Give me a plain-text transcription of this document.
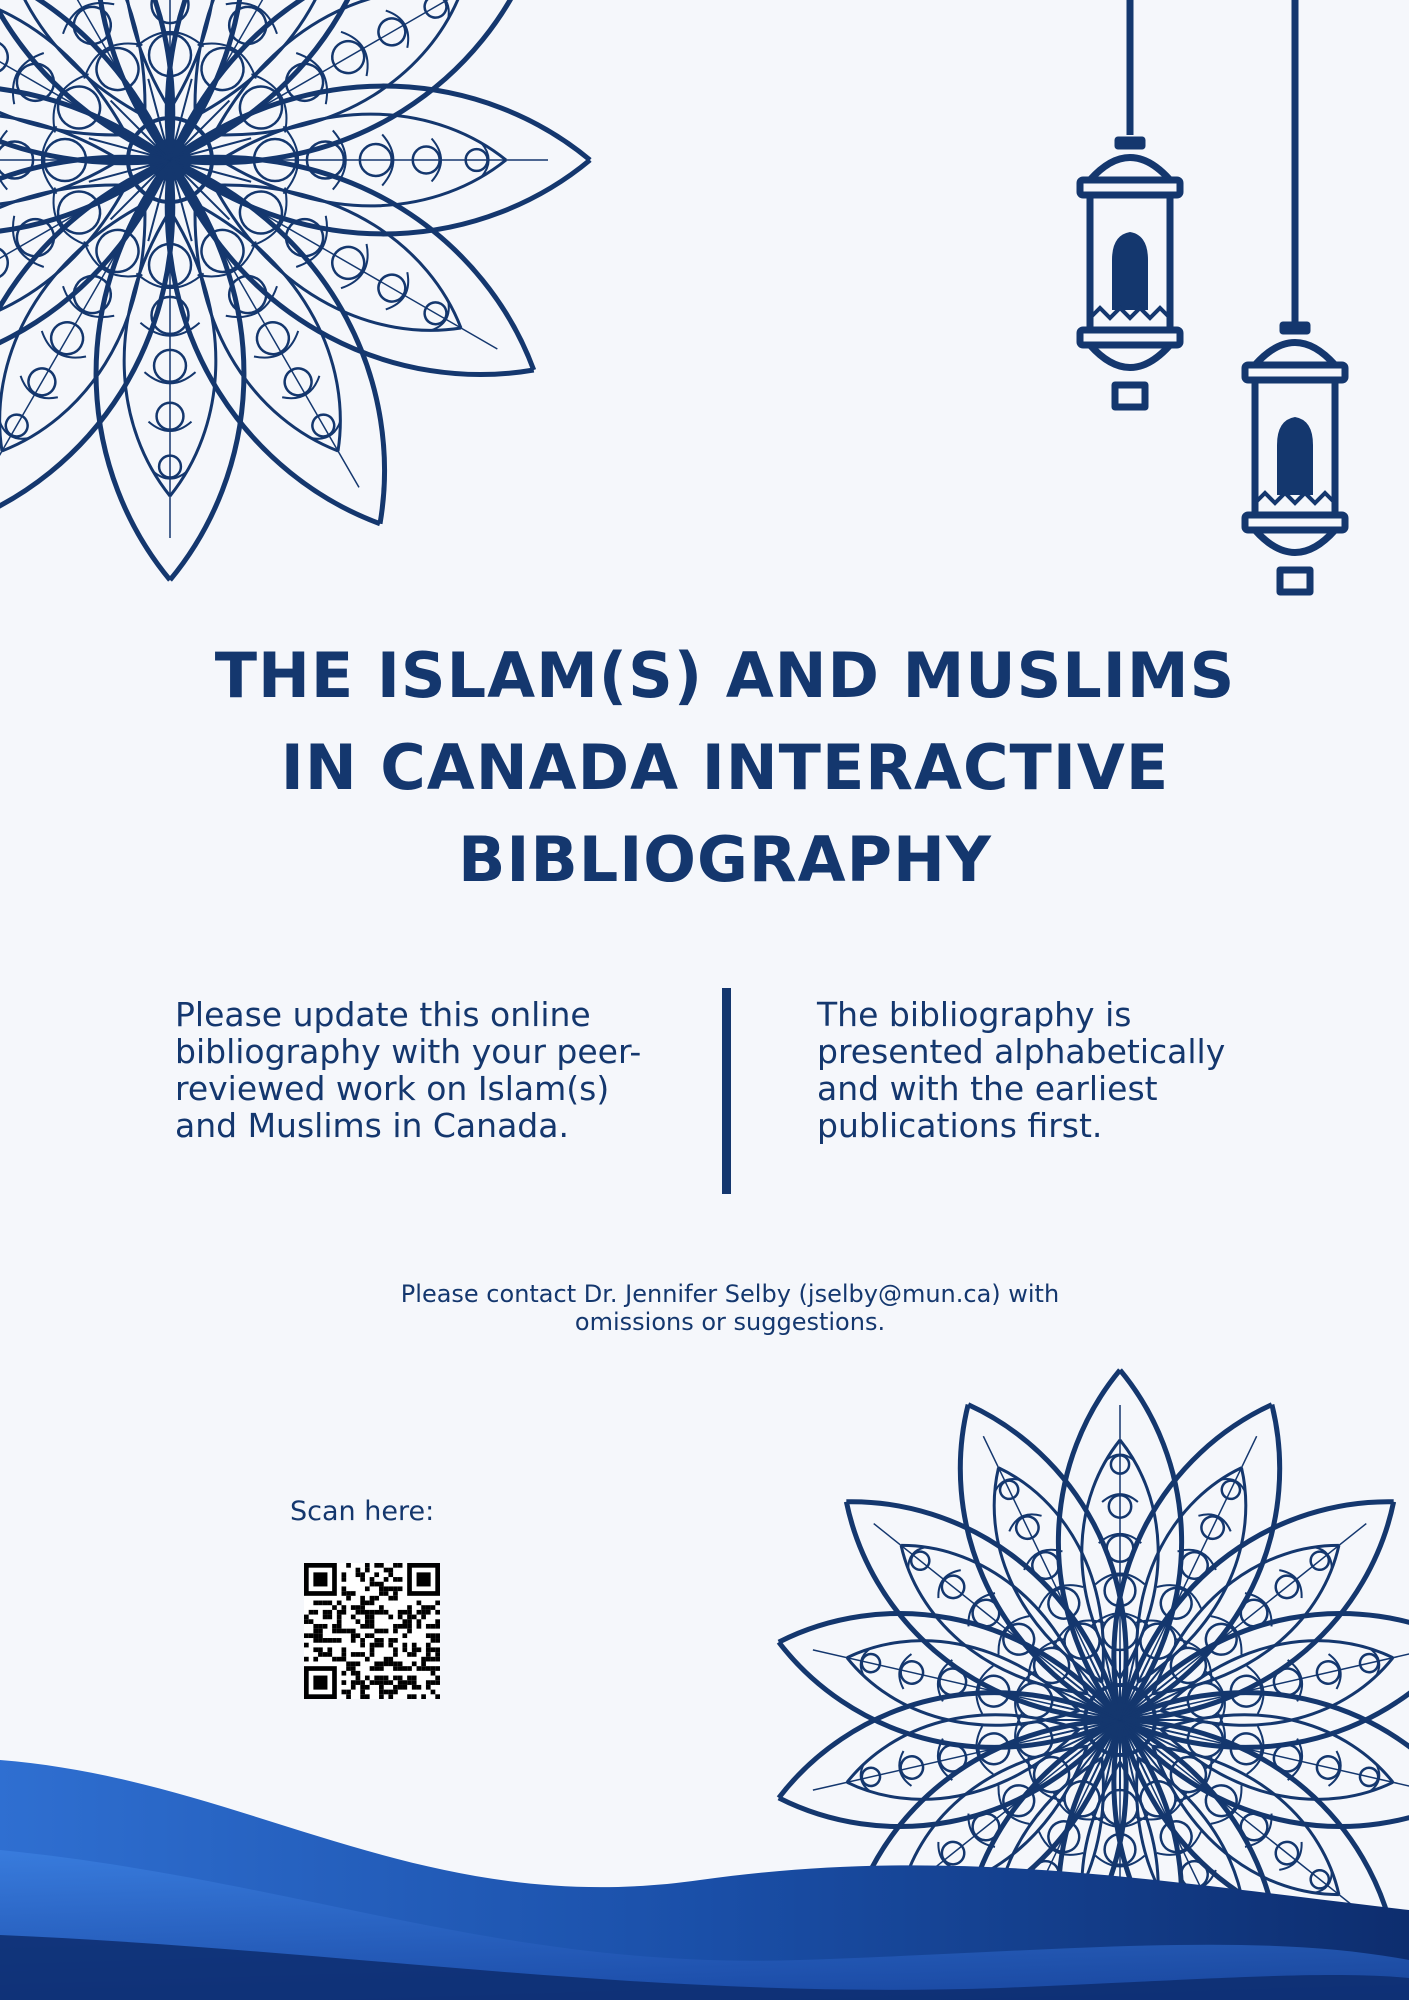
THE ISLAM(S) AND MUSLIMS
IN CANADA INTERACTIVE
BIBLIOGRAPHY

Please update this online bibliography with your peer-reviewed work on Islam(s) and Muslims in Canada.

The bibliography is presented alphabetically and with the earliest publications first.

Please contact Dr. Jennifer Selby (jselby@mun.ca) with
omissions or suggestions.

Scan here:
